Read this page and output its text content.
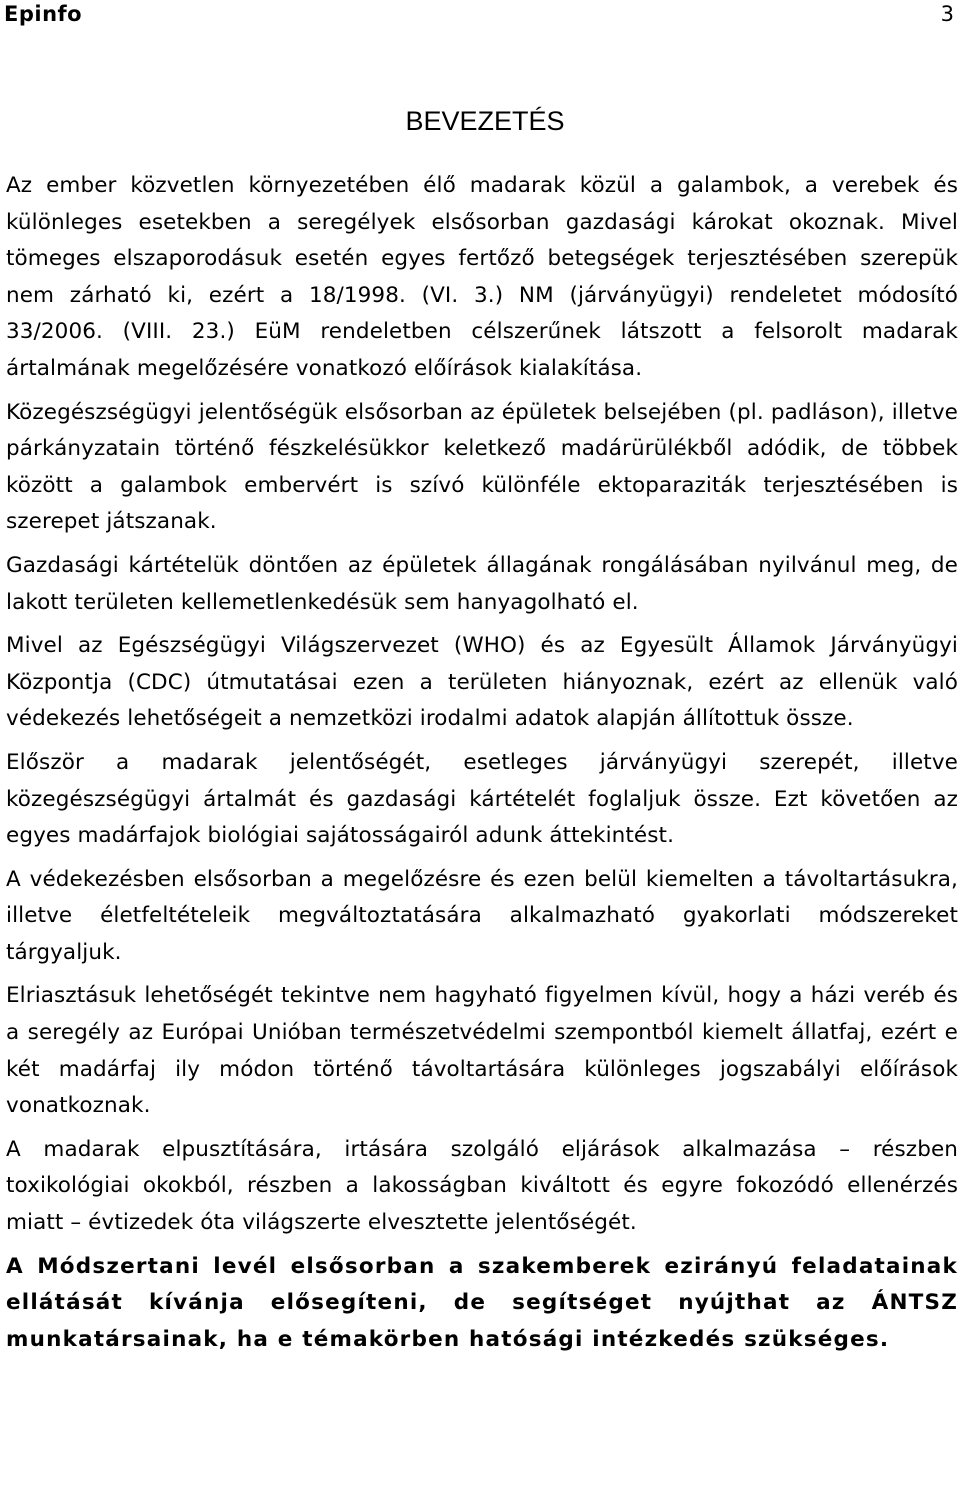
Epinfo	3
BEVEZETÉS

Az ember közvetlen környezetében élő madarak közül a galambok, a verebek és különleges esetekben a seregélyek elsősorban gazdasági károkat okoznak. Mivel tömeges elszaporodásuk esetén egyes fertőző betegségek terjesztésében szerepük nem zárható ki, ezért a 18/1998. (VI. 3.) NM (járványügyi) rendeletet módosító 33/2006. (VIII. 23.) EüM rendeletben célszerűnek látszott a felsorolt madarak ártalmának megelőzésére vonatkozó előírások kialakítása.

Közegészségügyi jelentőségük elsősorban az épületek belsejében (pl. padláson), illetve párkányzatain történő fészkelésükkor keletkező madárürülékből adódik, de többek között a galambok embervért is szívó különféle ektoparaziták terjesztésében is szerepet játszanak.

Gazdasági kártételük döntően az épületek állagának rongálásában nyilvánul meg, de lakott területen kellemetlenkedésük sem hanyagolható el.

Mivel az Egészségügyi Világszervezet (WHO) és az Egyesült Államok Járványügyi Központja (CDC) útmutatásai ezen a területen hiányoznak, ezért az ellenük való védekezés lehetőségeit a nemzetközi irodalmi adatok alapján állítottuk össze.

Először a madarak jelentőségét, esetleges járványügyi szerepét, illetve közegészségügyi ártalmát és gazdasági kártételét foglaljuk össze. Ezt követően az egyes madárfajok biológiai sajátosságairól adunk áttekintést.

A védekezésben elsősorban a megelőzésre és ezen belül kiemelten a távoltartásukra, illetve életfeltételeik megváltoztatására alkalmazható gyakorlati módszereket tárgyaljuk.

Elriasztásuk lehetőségét tekintve nem hagyható figyelmen kívül, hogy a házi veréb és a seregély az Európai Unióban természetvédelmi szempontból kiemelt állatfaj, ezért e két madárfaj ily módon történő távoltartására különleges jogszabályi előírások vonatkoznak.

A madarak elpusztítására, irtására szolgáló eljárások alkalmazása – részben toxikológiai okokból, részben a lakosságban kiváltott és egyre fokozódó ellenérzés miatt – évtizedek óta világszerte elvesztette jelentőségét.

A Módszertani levél elsősorban a szakemberek ezirányú feladatainak ellátását kívánja elősegíteni, de segítséget nyújthat az ÁNTSZ munkatársainak, ha e témakörben hatósági intézkedés szükséges.
